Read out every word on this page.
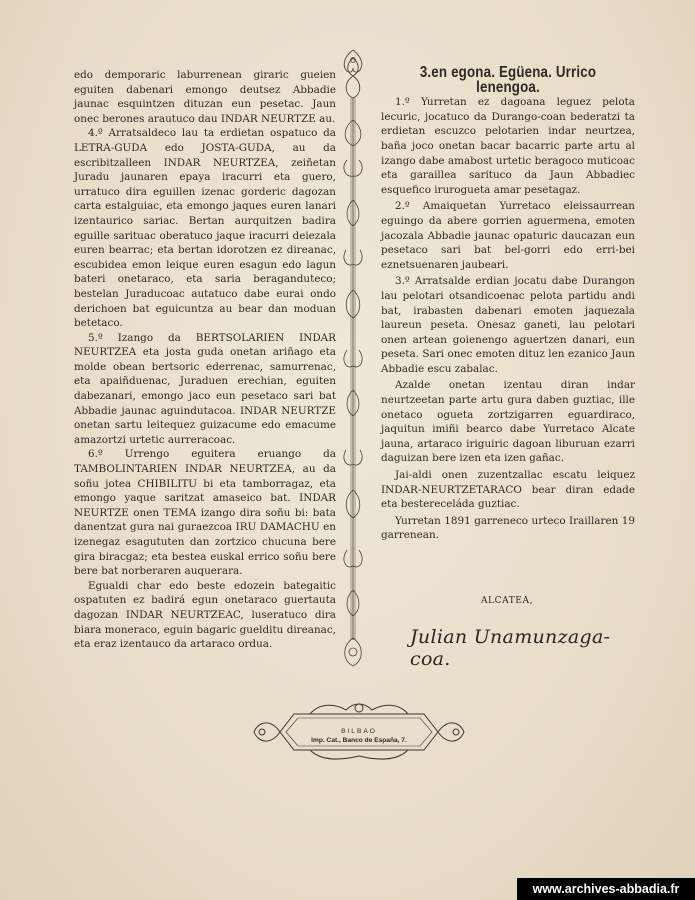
edo demporaric laburrenean giraric gueien eguiten dabenari emongo deutsez Abbadie jaunac esquintzen dituzan eun pesetac. Jaun onec berones arautuco dau INDAR NEURTZE au.

4.º Arratsaldeco lau ta erdietan ospatuco da LETRA-GUDA edo JOSTA-GUDA, au da escribitzalleen INDAR NEURTZEA, zeiñetan Juradu jaunaren epaya iracurri eta guero, urratuco dira eguillen izenac gorderic dagozan carta estalguiac, eta emongo jaques euren lanari izentaurico sariac. Bertan aurquitzen badira eguille sarituac oberatuco jaque iracurri deiezala euren bearrac; eta bertan idorotzen ez direanac, escubidea emon leique euren esagun edo lagun bateri onetaraco, eta saria beraganduteco; bestelan Juraducoac autatuco dabe eurai ondo derichoen bat eguicuntza au bear dan moduan betetaco.

5.º Izango da BERTSOLARIEN INDAR NEURTZEA eta josta guda onetan ariñago eta molde obean bertsoric ederrenac, samurrenac, eta apaiñduenac, Juraduen erechian, eguiten dabezanari, emongo jaco eun pesetaco sari bat Abbadie jaunac aguindutacoa. INDAR NEURTZE onetan sartu leitequez guizacume edo emacume amazortzi urtetic aurreracoac.

6.º Urrengo eguitera eruango da TAMBOLINTARIEN INDAR NEURTZEA, au da soñu jotea CHIBILITU bi eta tamborragaz, eta emongo yaque saritzat amaseico bat. INDAR NEURTZE onen TEMA izango dira soñu bi: bata danentzat gura nai guraezcoa IRU DAMACHU en izenegaz esagututen dan zortzico chucuna bere gira biracgaz; eta bestea euskal errico soñu bere bere bat norberaren auquerara.

Egualdi char edo beste edozein bategaitic ospatuten ez badirá egun onetaraco guertauta dagozan INDAR NEURTZEAC, luseratuco dira biara moneraco, eguin bagaric guelditu direanac, eta eraz izentauco da artaraco ordua.

3.en egona. Egüena. Urrico lenengoa.

1.º Yurretan ez dagoana leguez pelota lecuric, jocatuco da Durango-coan bederatzi ta erdietan escuzco pelotarien indar neurtzea, baña joco onetan bacar bacarric parte artu al izango dabe amabost urtetic beragoco muticoac eta garaillea sarituco da Jaun Abbadiec esquefico irurogueta amar pesetagaz.

2.º Amaiquetan Yurretaco eleissaurrean eguingo da abere gorrien aguermena, emoten jacozala Abbadie jaunac opaturic daucazan eun pesetaco sari bat bel-gorri edo erri-bei eznetsuenaren jaubeari.

3.º Arratsalde erdian jocatu dabe Durangon lau pelotari otsandicoenac pelota partidu andi bat, irabasten dabenari emoten jaquezala laureun peseta. Onesaz ganeti, lau pelotari onen artean goienengo aguertzen danari, eun peseta. Sari onec emoten dituz len ezanico Jaun Abbadie escu zabalac.

Azalde onetan izentau diran indar neurtzeetan parte artu gura daben guztiac, ille onetaco ogueta zortzigarren eguardiraco, jaquitun imiñi bearco dabe Yurretaco Alcate jauna, artaraco iriguiric dagoan liburuan ezarri daguizan bere izen eta izen gañac.

Jai-aldi onen zuzentzallac escatu leiquez INDAR-NEURTZETARACO bear diran edade eta bestereceláda guztiac.

Yurretan 1891 garreneco urteco Iraillaren 19 garrenean.

ALCATEA,
Julian Unamunzaga-coa.
BILBAO
Imp. Cat., Banco de España, 7.
www.archives-abbadia.fr
